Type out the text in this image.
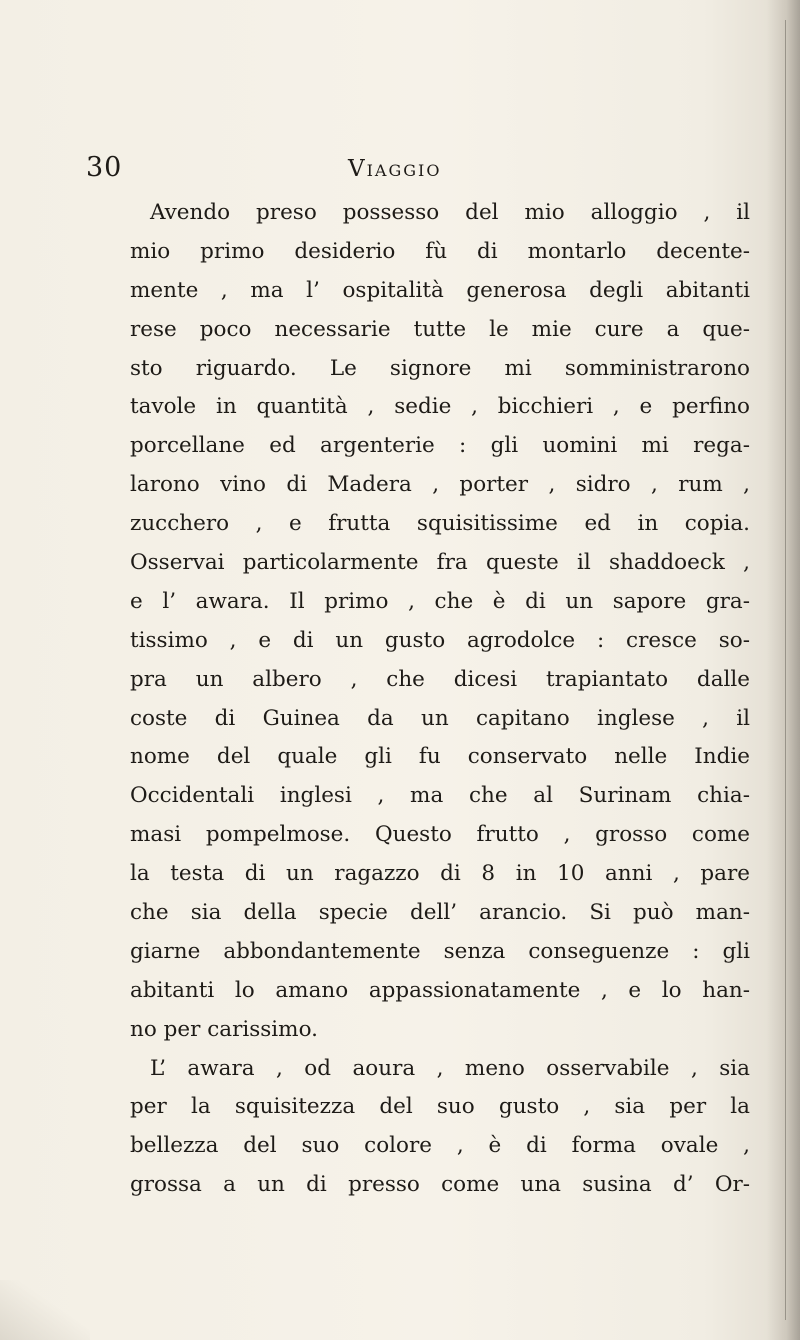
30	Viaggio
Avendo preso possesso del mio alloggio , il
mio primo desiderio fù di montarlo decente-
mente , ma l’ ospitalità generosa degli abitanti
rese poco necessarie tutte le mie cure a que-
sto riguardo. Le signore mi somministrarono
tavole in quantità , sedie , bicchieri , e perfino
porcellane ed argenterie : gli uomini mi rega-
larono vino di Madera , porter , sidro , rum ,
zucchero , e frutta squisitissime ed in copia.
Osservai particolarmente fra queste il shaddoeck ,
e l’ awara. Il primo , che è di un sapore gra-
tissimo , e di un gusto agrodolce : cresce so-
pra un albero , che dicesi trapiantato dalle
coste di Guinea da un capitano inglese , il
nome del quale gli fu conservato nelle Indie
Occidentali inglesi , ma che al Surinam chia-
masi pompelmose. Questo frutto , grosso come
la testa di un ragazzo di 8 in 10 anni , pare
che sia della specie dell’ arancio. Si può man-
giarne abbondantemente senza conseguenze : gli
abitanti lo amano appassionatamente , e lo han-
no per carissimo.
L’ awara , od aoura , meno osservabile , sia
per la squisitezza del suo gusto , sia per la
bellezza del suo colore , è di forma ovale ,
grossa a un di presso come una susina d’ Or-
